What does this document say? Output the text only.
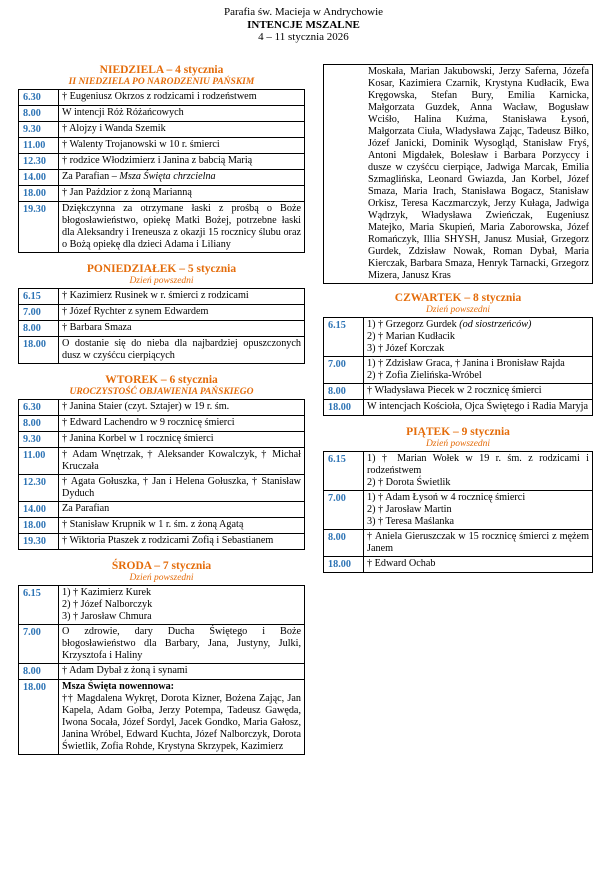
Parafia św. Macieja w Andrychowie
INTENCJE MSZALNE
4 – 11 stycznia 2026
NIEDZIELA – 4 stycznia
II NIEDZIELA PO NARODZENIU PAŃSKIM
6.30	† Eugeniusz Okrzos z rodzicami i rodzeństwem

8.00	W intencji Róż Różańcowych

9.30	† Alojzy i Wanda Szemik

11.00	† Walenty Trojanowski w 10 r. śmierci

12.30	† rodzice Włodzimierz i Janina z babcią Marią

14.00	Za Parafian – Msza Święta chrzcielna

18.00	† Jan Paździor z żoną Marianną

19.30	Dziękczynna za otrzymane łaski z prośbą o Boże błogosławieństwo, opiekę Matki Bożej, potrzebne łaski dla Aleksandry i Ireneusza z okazji 15 rocznicy ślubu oraz o Bożą opiekę dla dzieci Adama i Liliany
PONIEDZIAŁEK – 5 stycznia
Dzień powszedni
6.15	† Kazimierz Rusinek w r. śmierci z rodzicami

7.00	† Józef Rychter z synem Edwardem

8.00	† Barbara Smaza

18.00	O dostanie się do nieba dla najbardziej opuszczonych dusz w czyśćcu cierpiących
WTOREK – 6 stycznia
UROCZYSTOŚĆ OBJAWIENIA PAŃSKIEGO
6.30	† Janina Staier (czyt. Sztajer) w 19 r. śm.

8.00	† Edward Lachendro w 9 rocznicę śmierci

9.30	† Janina Korbel w 1 rocznicę śmierci

11.00	† Adam Wnętrzak, † Aleksander Kowalczyk, † Michał Kruczała

12.30	† Agata Gołuszka, † Jan i Helena Gołuszka, † Stanisław Dyduch

14.00	Za Parafian

18.00	† Stanisław Krupnik w 1 r. śm. z żoną Agatą

19.30	† Wiktoria Ptaszek z rodzicami Zofią i Sebastianem
ŚRODA – 7 stycznia
Dzień powszedni
6.15	1) † Kazimierz Kurek
2) † Józef Nalborczyk
3) † Jarosław Chmura

7.00	O zdrowie, dary Ducha Świętego i Boże błogosławieństwo dla Barbary, Jana, Justyny, Julki, Krzysztofa i Haliny

8.00	† Adam Dybał z żoną i synami

18.00	Msza Święta nowennowa:
†† Magdalena Wykręt, Dorota Kizner, Bożena Zając, Jan Kapela, Adam Gołba, Jerzy Potempa, Tadeusz Gawęda, Iwona Socała, Józef Sordyl, Jacek Gondko, Maria Gałosz, Janina Wróbel, Edward Kuchta, Józef Nalborczyk, Dorota Świetlik, Zofia Rohde, Krystyna Skrzypek, Kazimierz
Moskała, Marian Jakubowski, Jerzy Saferna, Józefa Kosar, Kazimiera Czarnik, Krystyna Kudłacik, Ewa Kręgowska, Stefan Bury, Emilia Karnicka, Małgorzata Guzdek, Anna Wacław, Bogusław Wciśło, Halina Kuźma, Stanisława Łysoń, Małgorzata Ciuła, Władysława Zając, Tadeusz Biłko, Józef Janicki, Dominik Wysogląd, Stanisław Fryś, Antoni Migdałek, Bolesław i Barbara Porzyccy i dusze w czyśćcu cierpiące, Jadwiga Marcak, Emilia Szmaglińska, Leonard Gwiazda, Jan Korbel, Józef Smaza, Maria Irach, Stanisława Bogacz, Stanisław Orkisz, Teresa Kaczmarczyk, Jerzy Kułaga, Jadwiga Wądrzyk, Władysława Zwieńczak, Eugeniusz Matejko, Maria Skupień, Maria Zaborowska, Józef Romańczyk, Illia SHYSH, Janusz Musiał, Grzegorz Gurdek, Zdzisław Nowak, Roman Dybał, Maria Kierczak, Barbara Smaza, Henryk Tarnacki, Grzegorz Mizera, Janusz Kras
CZWARTEK – 8 stycznia
Dzień powszedni
6.15	1) † Grzegorz Gurdek (od siostrzeńców)
2) † Marian Kudłacik
3) † Józef Korczak

7.00	1) † Zdzisław Graca, † Janina i Bronisław Rajda
2) † Zofia Zielińska-Wróbel

8.00	† Władysława Piecek w 2 rocznicę śmierci

18.00	W intencjach Kościoła, Ojca Świętego i Radia Maryja
PIĄTEK – 9 stycznia
Dzień powszedni
6.15	1) † Marian Wołek w 19 r. śm. z rodzicami i rodzeństwem
2) † Dorota Świetlik

7.00	1) † Adam Łysoń w 4 rocznicę śmierci
2) † Jarosław Martin
3) † Teresa Maślanka

8.00	† Aniela Gieruszczak w 15 rocznicę śmierci z mężem Janem

18.00	† Edward Ochab
